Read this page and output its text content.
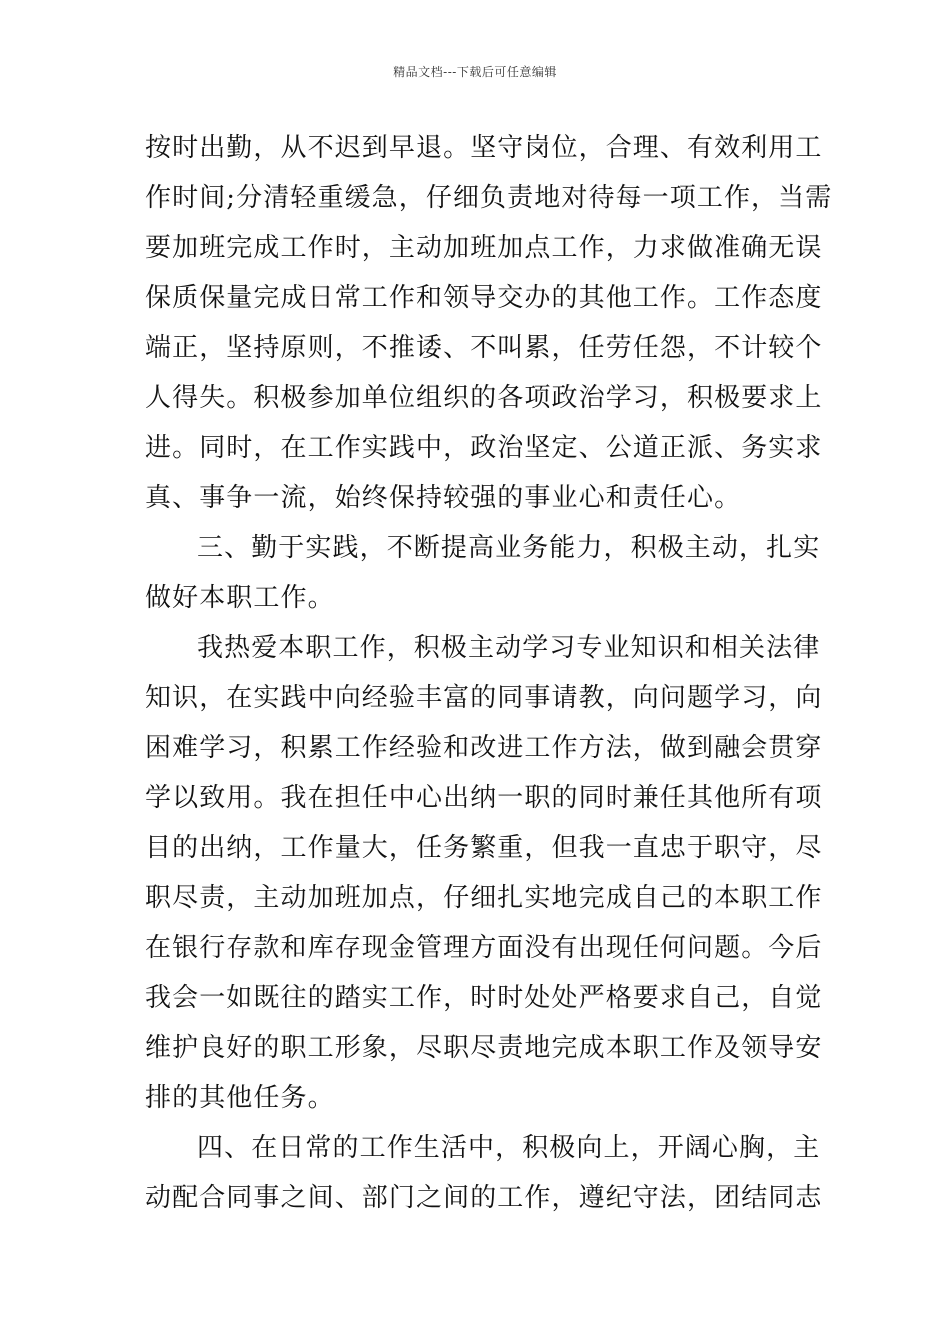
精品文档---下载后可任意编辑
按时出勤，从不迟到早退。坚守岗位，合理、有效利用工
作时间;分清轻重缓急，仔细负责地对待每一项工作，当需
要加班完成工作时，主动加班加点工作，力求做准确无误
保质保量完成日常工作和领导交办的其他工作。工作态度
端正，坚持原则，不推诿、不叫累，任劳任怨，不计较个
人得失。积极参加单位组织的各项政治学习，积极要求上
进。同时，在工作实践中，政治坚定、公道正派、务实求
真、事争一流，始终保持较强的事业心和责任心。
三、勤于实践，不断提高业务能力，积极主动，扎实
做好本职工作。
我热爱本职工作，积极主动学习专业知识和相关法律
知识，在实践中向经验丰富的同事请教，向问题学习，向
困难学习，积累工作经验和改进工作方法，做到融会贯穿
学以致用。我在担任中心出纳一职的同时兼任其他所有项
目的出纳，工作量大，任务繁重，但我一直忠于职守，尽
职尽责，主动加班加点，仔细扎实地完成自己的本职工作
在银行存款和库存现金管理方面没有出现任何问题。今后
我会一如既往的踏实工作，时时处处严格要求自己，自觉
维护良好的职工形象，尽职尽责地完成本职工作及领导安
排的其他任务。
四、在日常的工作生活中，积极向上，开阔心胸，主
动配合同事之间、部门之间的工作，遵纪守法，团结同志
